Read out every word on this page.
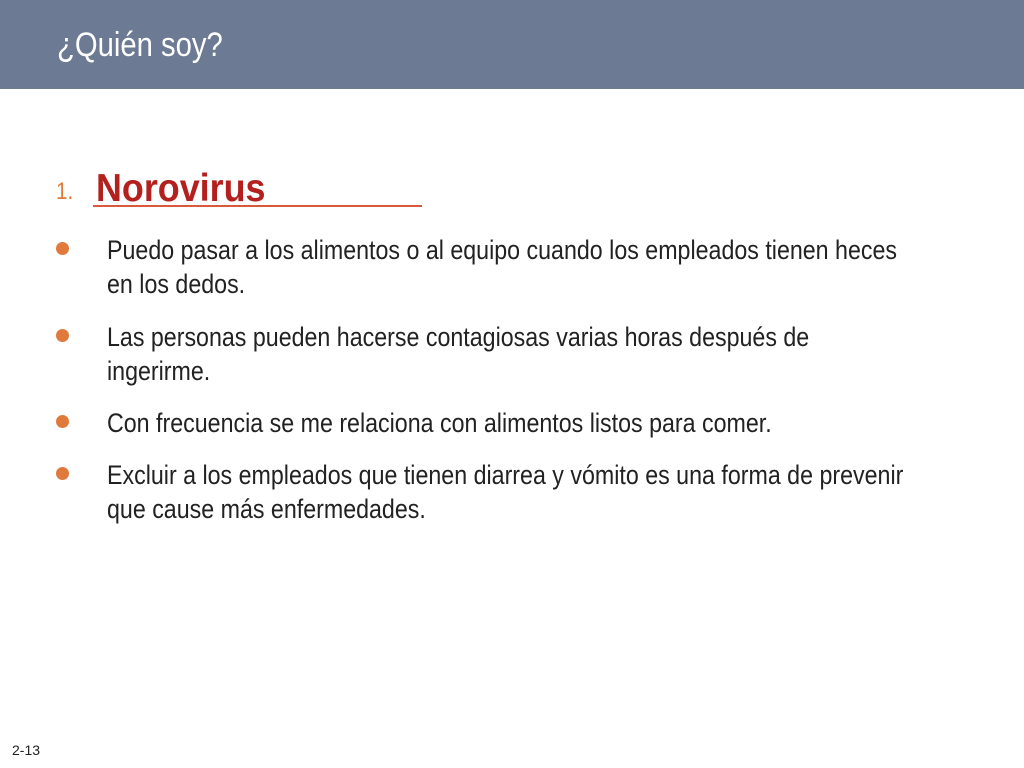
¿Quién soy?
1. Norovirus
Puedo pasar a los alimentos o al equipo cuando los empleados tienen heces en los dedos.
Las personas pueden hacerse contagiosas varias horas después de ingerirme.
Con frecuencia se me relaciona con alimentos listos para comer.
Excluir a los empleados que tienen diarrea y vómito es una forma de prevenir que cause más enfermedades.
2-13
